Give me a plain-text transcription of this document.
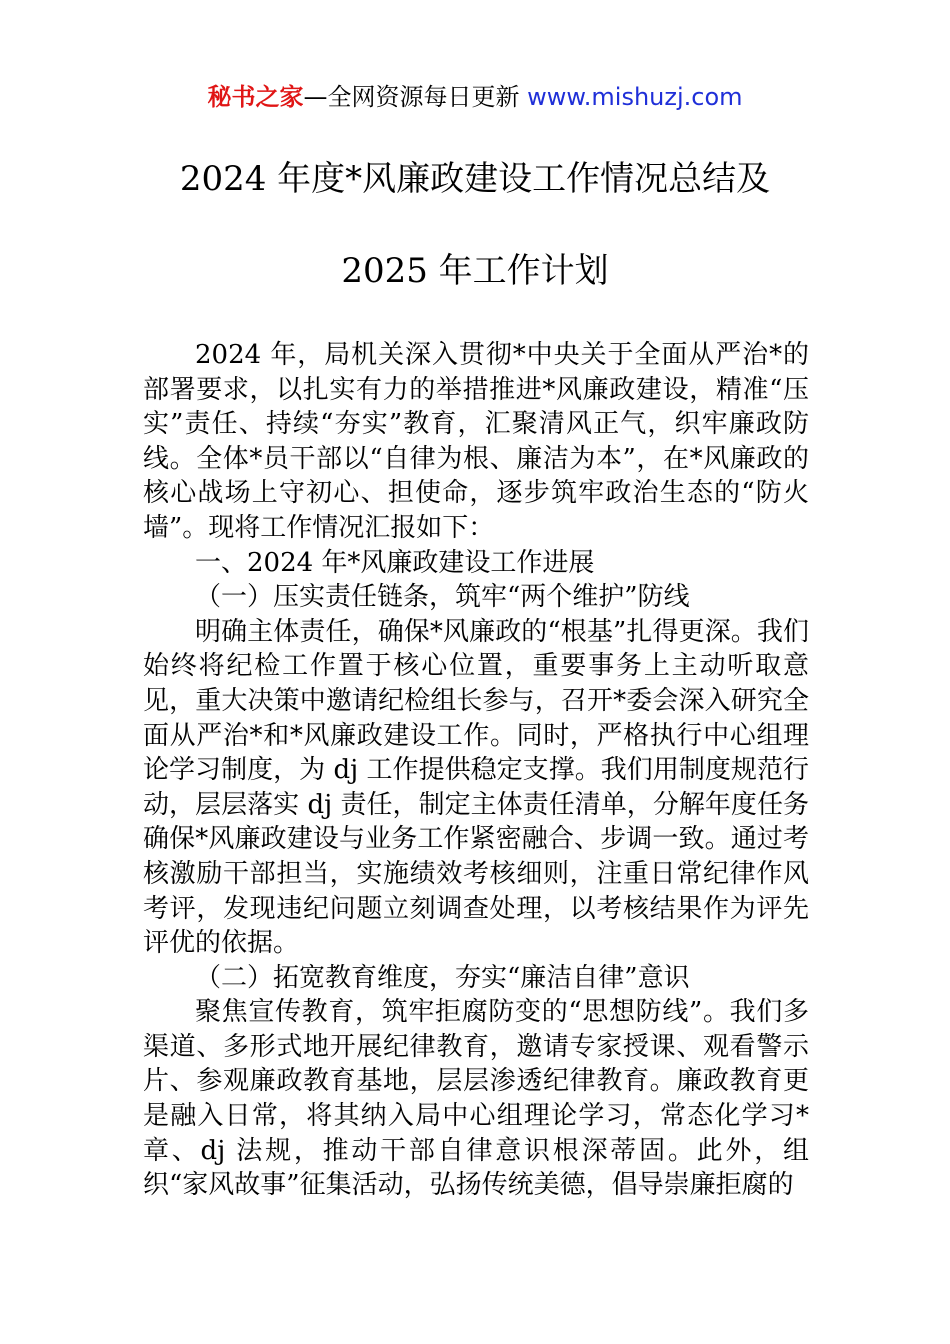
秘书之家—全网资源每日更新 www.mishuzj.com
2024 年度*风廉政建设工作情况总结及
2025 年工作计划

2024 年，局机关深入贯彻*中央关于全面从严治*的部署要求，以扎实有力的举措推进*风廉政建设，精准“压实”责任、持续“夯实”教育，汇聚清风正气，织牢廉政防线。全体*员干部以“自律为根、廉洁为本”，在*风廉政的核心战场上守初心、担使命，逐步筑牢政治生态的“防火墙”。现将工作情况汇报如下：

一、2024 年*风廉政建设工作进展

（一）压实责任链条，筑牢“两个维护”防线

明确主体责任，确保*风廉政的“根基”扎得更深。我们始终将纪检工作置于核心位置，重要事务上主动听取意见，重大决策中邀请纪检组长参与，召开*委会深入研究全面从严治*和*风廉政建设工作。同时，严格执行中心组理论学习制度，为 dj 工作提供稳定支撑。我们用制度规范行动，层层落实 dj 责任，制定主体责任清单，分解年度任务确保*风廉政建设与业务工作紧密融合、步调一致。通过考核激励干部担当，实施绩效考核细则，注重日常纪律作风考评，发现违纪问题立刻调查处理，以考核结果作为评先评优的依据。

（二）拓宽教育维度，夯实“廉洁自律”意识

聚焦宣传教育，筑牢拒腐防变的“思想防线”。我们多渠道、多形式地开展纪律教育，邀请专家授课、观看警示片、参观廉政教育基地，层层渗透纪律教育。廉政教育更是融入日常，将其纳入局中心组理论学习，常态化学习*章、dj 法规，推动干部自律意识根深蒂固。此外，组织“家风故事”征集活动，弘扬传统美德，倡导崇廉拒腐的
